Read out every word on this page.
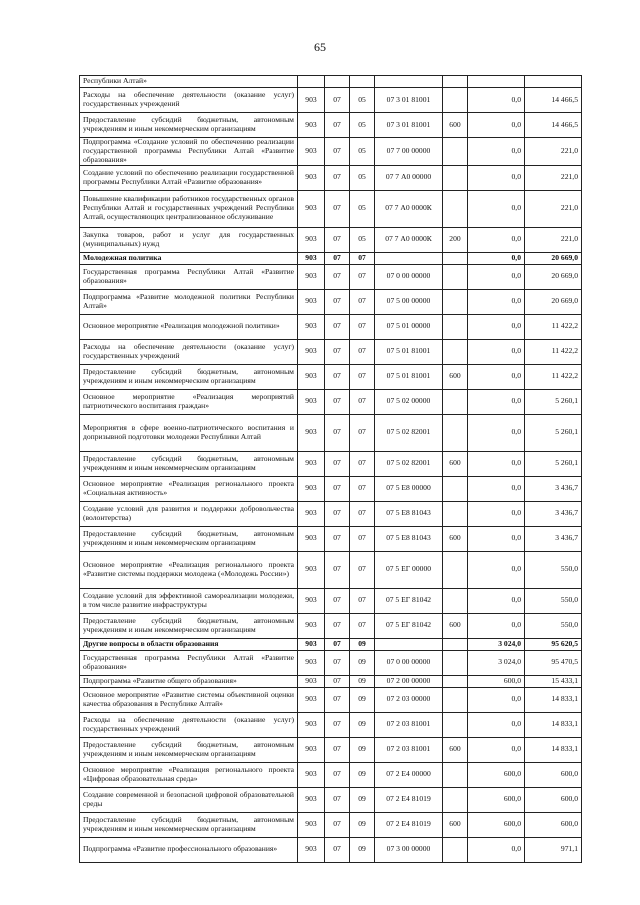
65
Республики Алтай»							
Расходы на обеспечение деятельности (оказание услуг) государственных учреждений	903	07	05	07 3 01 81001		0,0	14 466,5
Предоставление субсидий бюджетным, автономным учреждениям и иным некоммерческим организациям	903	07	05	07 3 01 81001	600	0,0	14 466,5
Подпрограмма «Создание условий по обеспечению реализации государственной программы Республики Алтай «Развитие образования»	903	07	05	07 7 00 00000		0,0	221,0
Создание условий по обеспечению реализации государственной программы Республики Алтай «Развитие образования»	903	07	05	07 7 А0 00000		0,0	221,0
Повышение квалификации работников государственных органов Республики Алтай и государственных учреждений Республики Алтай, осуществляющих централизованное обслуживание	903	07	05	07 7 А0 0000К		0,0	221,0
Закупка товаров, работ и услуг для государственных (муниципальных) нужд	903	07	05	07 7 А0 0000К	200	0,0	221,0
Молодежная политика	903	07	07			0,0	20 669,0
Государственная программа Республики Алтай «Развитие образования»	903	07	07	07 0 00 00000		0,0	20 669,0
Подпрограмма «Развитие молодежной политики Республики Алтай»	903	07	07	07 5 00 00000		0,0	20 669,0
Основное мероприятие «Реализация молодежной политики»	903	07	07	07 5 01 00000		0,0	11 422,2
Расходы на обеспечение деятельности (оказание услуг) государственных учреждений	903	07	07	07 5 01 81001		0,0	11 422,2
Предоставление субсидий бюджетным, автономным учреждениям и иным некоммерческим организациям	903	07	07	07 5 01 81001	600	0,0	11 422,2
Основное мероприятие «Реализация мероприятий патриотического воспитания граждан»	903	07	07	07 5 02 00000		0,0	5 260,1
Мероприятия в сфере военно-патриотического воспитания и допризывной подготовки молодежи Республики Алтай	903	07	07	07 5 02 82001		0,0	5 260,1
Предоставление субсидий бюджетным, автономным учреждениям и иным некоммерческим организациям	903	07	07	07 5 02 82001	600	0,0	5 260,1
Основное мероприятие «Реализация регионального проекта «Социальная активность»	903	07	07	07 5 E8 00000		0,0	3 436,7
Создание условий для развития и поддержки добровольчества (волонтерства)	903	07	07	07 5 E8 81043		0,0	3 436,7
Предоставление субсидий бюджетным, автономным учреждениям и иным некоммерческим организациям	903	07	07	07 5 E8 81043	600	0,0	3 436,7
Основное мероприятие «Реализация регионального проекта «Развитие системы поддержки молодежа («Молодежь России»)	903	07	07	07 5 EГ 00000		0,0	550,0
Создание условий для эффективной самореализации молодежи, в том числе развитие инфраструктуры	903	07	07	07 5 EГ 81042		0,0	550,0
Предоставление субсидий бюджетным, автономным учреждениям и иным некоммерческим организациям	903	07	07	07 5 EГ 81042	600	0,0	550,0
Другие вопросы в области образования	903	07	09			3 024,0	95 620,5
Государственная программа Республики Алтай «Развитие образования»	903	07	09	07 0 00 00000		3 024,0	95 470,5
Подпрограмма «Развитие общего образования»	903	07	09	07 2 00 00000		600,0	15 433,1
Основное мероприятие «Развитие системы объективной оценки качества образования в Республике Алтай»	903	07	09	07 2 03 00000		0,0	14 833,1
Расходы на обеспечение деятельности (оказание услуг) государственных учреждений	903	07	09	07 2 03 81001		0,0	14 833,1
Предоставление субсидий бюджетным, автономным учреждениям и иным некоммерческим организациям	903	07	09	07 2 03 81001	600	0,0	14 833,1
Основное мероприятие «Реализация регионального проекта «Цифровая образовательная среда»	903	07	09	07 2 E4 00000		600,0	600,0
Создание современной и безопасной цифровой образовательной среды	903	07	09	07 2 E4 81019		600,0	600,0
Предоставление субсидий бюджетным, автономным учреждениям и иным некоммерческим организациям	903	07	09	07 2 E4 81019	600	600,0	600,0
Подпрограмма «Развитие профессионального образования»	903	07	09	07 3 00 00000		0,0	971,1
